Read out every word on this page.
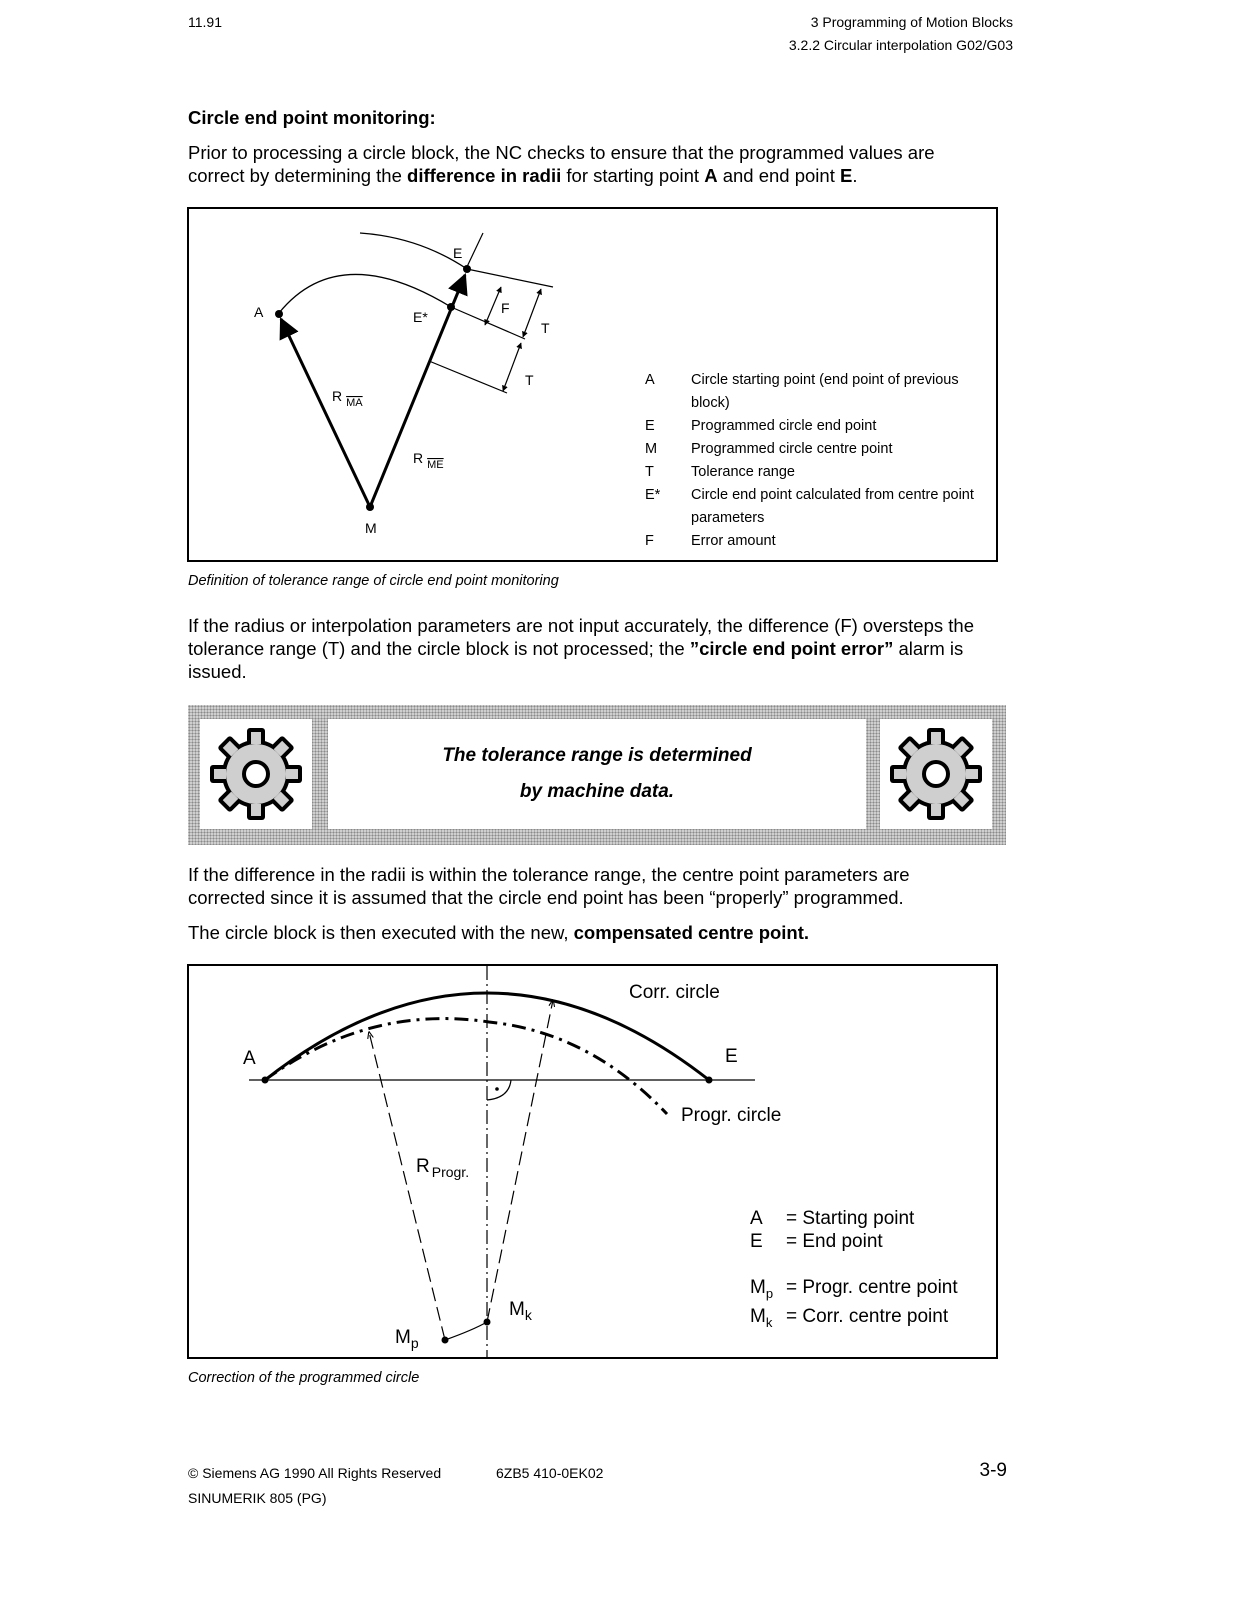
11.91	3 Programming of Motion Blocks
3.2.2 Circular interpolation G02/G03
Circle end point monitoring:
Prior to processing a circle block, the NC checks to ensure that the programmed values are correct by determining the difference in radii for starting point A and end point E.
E
A	E*
F
T
T
R $_{MA}$
R $_{ME}$
M
A	Circle starting point (end point of previous block)
E	Programmed circle end point
M	Programmed circle centre point
T	Tolerance range
E*	Circle end point calculated from centre point parameters
F	Error amount
Definition of tolerance range of circle end point monitoring
If the radius or interpolation parameters are not input accurately, the difference (F) oversteps the tolerance range (T) and the circle block is not processed; the ”circle end point error” alarm is issued.
The tolerance range is determined
by machine data.
If the difference in the radii is within the tolerance range, the centre point parameters are corrected since it is assumed that the circle end point has been “properly” programmed.
The circle block is then executed with the new, compensated centre point.
Corr. circle
Progr. circle
A	E
R $_{Progr.}$
$M_k$
$M_p$
A	= Starting point
E	= End point
$M_p$ = Progr. centre point
$M_k$ = Corr. centre point
Correction of the programmed circle
© Siemens AG 1990 All Rights Reserved	6ZB5 410-0EK02
SINUMERIK 805 (PG)
3-9
